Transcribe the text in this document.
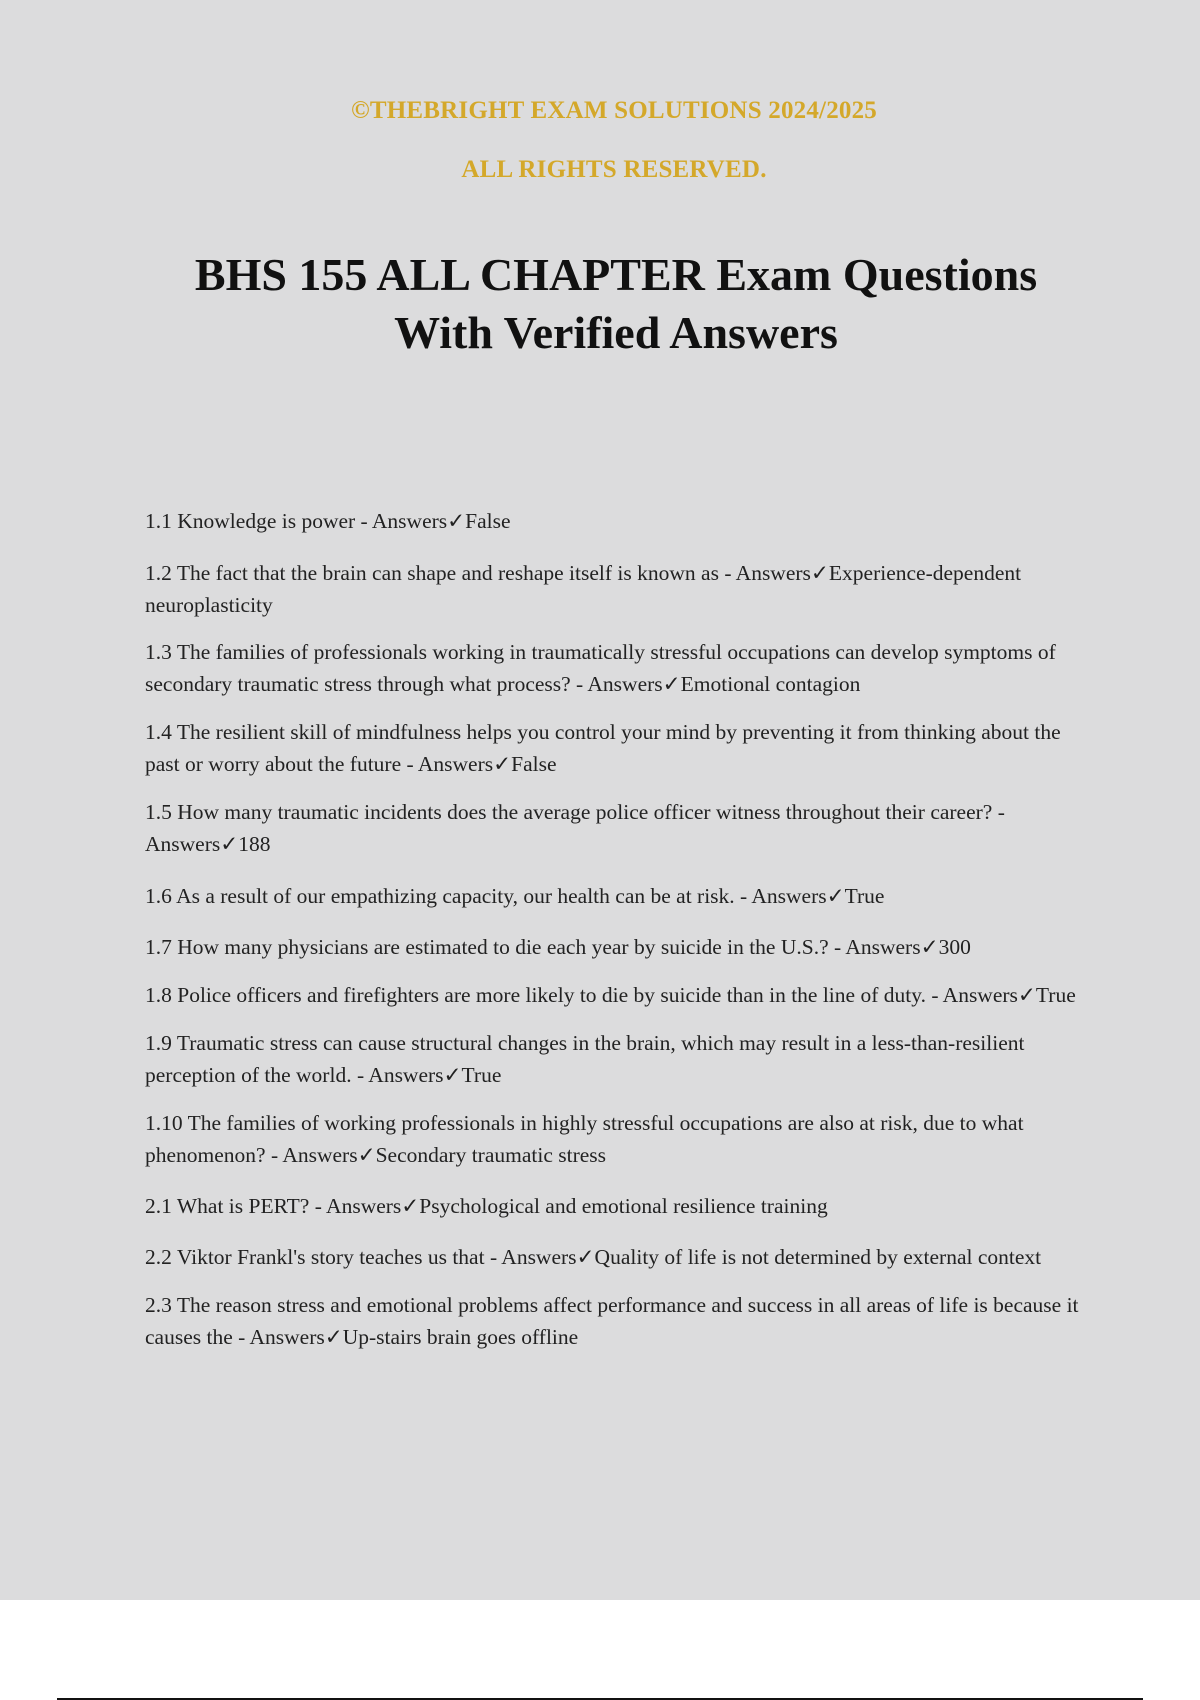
©THEBRIGHT EXAM SOLUTIONS 2024/2025
ALL RIGHTS RESERVED.
BHS 155 ALL CHAPTER Exam Questions
With Verified Answers

1.1 Knowledge is power - Answers✓False

1.2 The fact that the brain can shape and reshape itself is known as - Answers✓Experience-dependent neuroplasticity

1.3 The families of professionals working in traumatically stressful occupations can develop symptoms of secondary traumatic stress through what process? - Answers✓Emotional contagion

1.4 The resilient skill of mindfulness helps you control your mind by preventing it from thinking about the past or worry about the future - Answers✓False

1.5 How many traumatic incidents does the average police officer witness throughout their career? - Answers✓188

1.6 As a result of our empathizing capacity, our health can be at risk. - Answers✓True

1.7 How many physicians are estimated to die each year by suicide in the U.S.? - Answers✓300

1.8 Police officers and firefighters are more likely to die by suicide than in the line of duty. - Answers✓True

1.9 Traumatic stress can cause structural changes in the brain, which may result in a less-than-resilient perception of the world. - Answers✓True

1.10 The families of working professionals in highly stressful occupations are also at risk, due to what phenomenon? - Answers✓Secondary traumatic stress

2.1 What is PERT? - Answers✓Psychological and emotional resilience training

2.2 Viktor Frankl's story teaches us that - Answers✓Quality of life is not determined by external context

2.3 The reason stress and emotional problems affect performance and success in all areas of life is because it causes the - Answers✓Up-stairs brain goes offline
